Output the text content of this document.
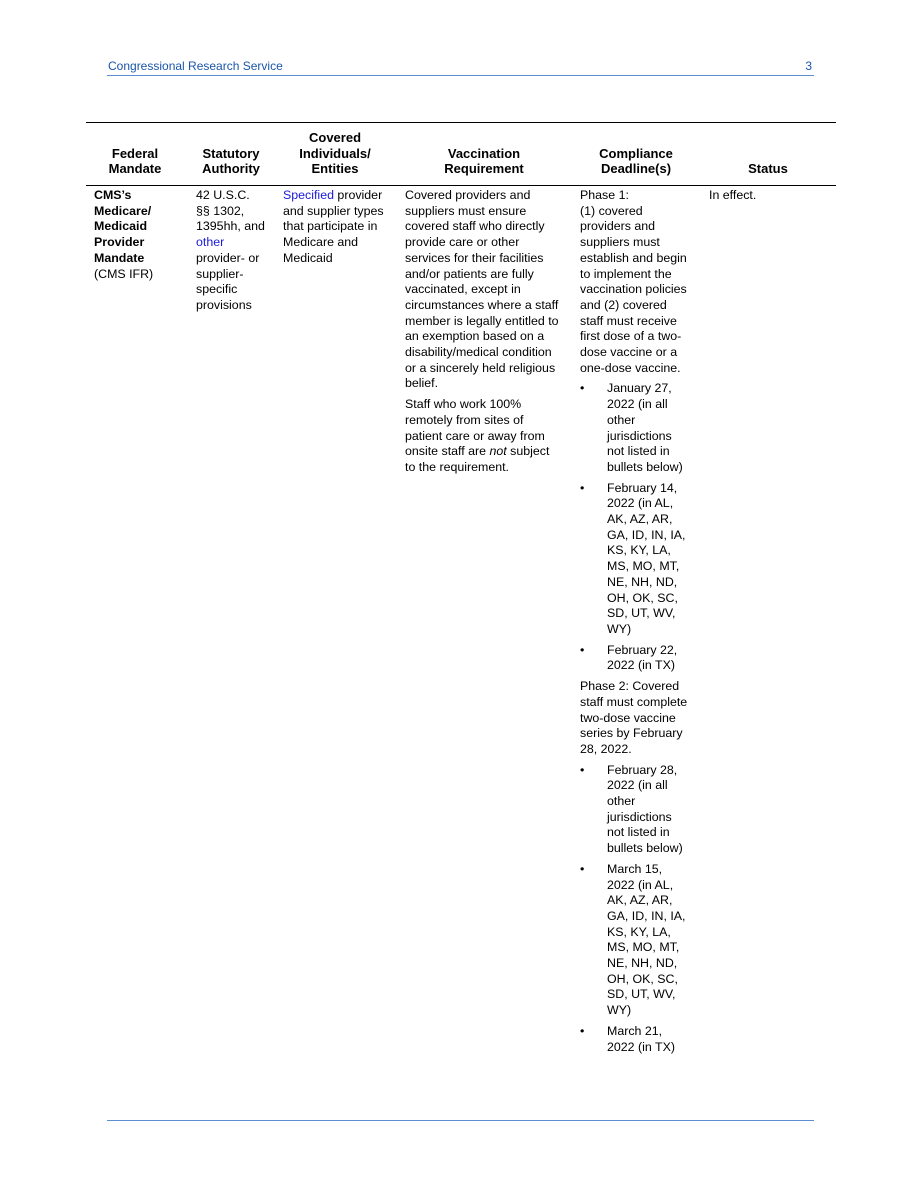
Congressional Research Service	3
Federal
Mandate
Statutory
Authority
Covered
Individuals/
Entities
Vaccination
Requirement
Compliance
Deadline(s)	Status
CMS’s
Medicare/
Medicaid
Provider
Mandate
(CMS IFR)
42 U.S.C.
§§ 1302,
1395hh, and
other
provider- or
supplier-
specific
provisions
Specified provider
and supplier types
that participate in
Medicare and
Medicaid

Covered providers and
suppliers must ensure
covered staff who directly
provide care or other
services for their facilities
and/or patients are fully
vaccinated, except in
circumstances where a staff
member is legally entitled to
an exemption based on a
disability/medical condition
or a sincerely held religious
belief.

Staff who work 100%
remotely from sites of
patient care or away from
onsite staff are not subject
to the requirement.

Phase 1:
(1) covered
providers and
suppliers must
establish and begin
to implement the
vaccination policies
and (2) covered
staff must receive
first dose of a two-
dose vaccine or a
one-dose vaccine.

• January 27,
2022 (in all
other
jurisdictions
not listed in
bullets below)
• February 14,
2022 (in AL,
AK, AZ, AR,
GA, ID, IN, IA,
KS, KY, LA,
MS, MO, MT,
NE, NH, ND,
OH, OK, SC,
SD, UT, WV,
WY)
• February 22,
2022 (in TX)

Phase 2: Covered
staff must complete
two-dose vaccine
series by February
28, 2022.

• February 28,
2022 (in all
other
jurisdictions
not listed in
bullets below)
• March 15,
2022 (in AL,
AK, AZ, AR,
GA, ID, IN, IA,
KS, KY, LA,
MS, MO, MT,
NE, NH, ND,
OH, OK, SC,
SD, UT, WV,
WY)
• March 21,
2022 (in TX)
In effect.
